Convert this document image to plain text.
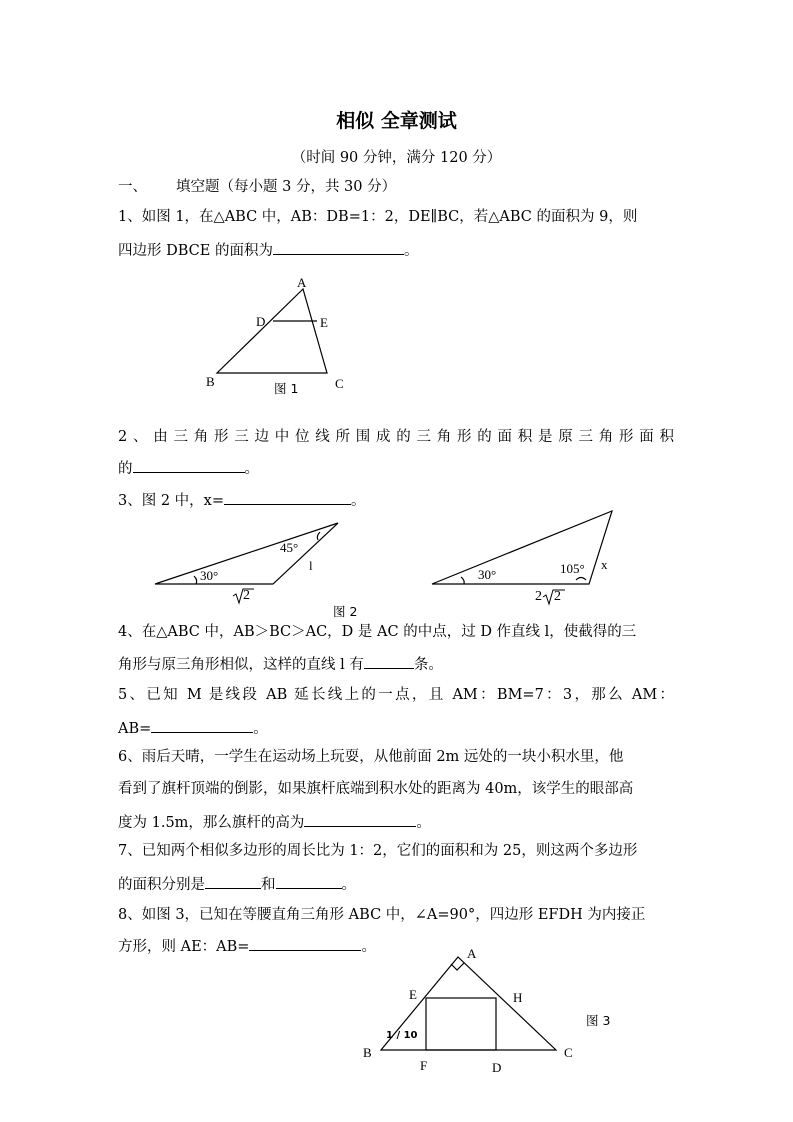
相似 全章测试
（时间 90 分钟，满分 120 分）
一、 填空题（每小题 3 分，共 30 分）
1、如图 1，在△ABC 中，AB：DB=1：2，DE∥BC，若△ABC 的面积为 9，则
四边形 DBCE 的面积为	。
A
D	E
B	C
A
E	H
B	C
F	D
图 1
2、由三角形三边中位线所围成的三角形的面积是原三角形面积
的	。
3、图 2 中，x=	。
30°
45°
l
2
30°	105° x
2 2
图 2
4、在△ABC 中，AB＞BC＞AC，D 是 AC 的中点，过 D 作直线 l，使截得的三
角形与原三角形相似，这样的直线 l 有	条。
5、已知 M 是线段 AB 延长线上的一点，且 AM：BM=7：3，那么 AM：
AB=	。
6、雨后天晴，一学生在运动场上玩耍，从他前面 2m 远处的一块小积水里，他
看到了旗杆顶端的倒影，如果旗杆底端到积水处的距离为 40m，该学生的眼部高
度为 1.5m，那么旗杆的高为	。
7、已知两个相似多边形的周长比为 1：2，它们的面积和为 25，则这两个多边形
的面积分别是	和	。
8、如图 3，已知在等腰直角三角形 ABC 中，∠A=90°，四边形 EFDH 为内接正
方形，则 AE：AB=	。
图 3
1 / 10
